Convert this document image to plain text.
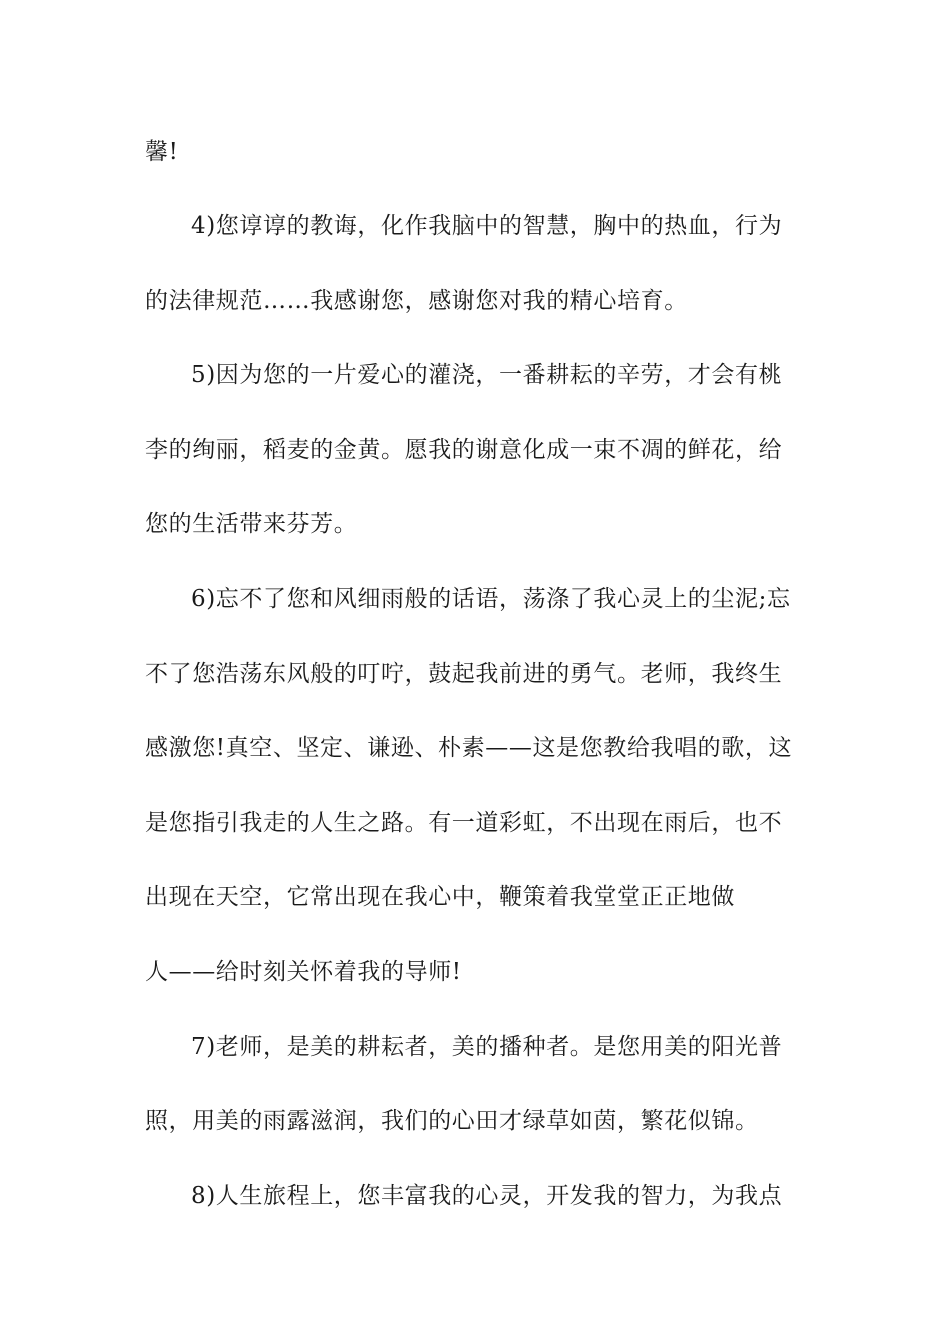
馨!
4)您谆谆的教诲，化作我脑中的智慧，胸中的热血，行为
的法律规范……我感谢您，感谢您对我的精心培育。
5)因为您的一片爱心的灌浇，一番耕耘的辛劳，才会有桃
李的绚丽，稻麦的金黄。愿我的谢意化成一束不凋的鲜花，给
您的生活带来芬芳。
6)忘不了您和风细雨般的话语，荡涤了我心灵上的尘泥;忘
不了您浩荡东风般的叮咛，鼓起我前进的勇气。老师，我终生
感激您!真空、坚定、谦逊、朴素——这是您教给我唱的歌，这
是您指引我走的人生之路。有一道彩虹，不出现在雨后，也不
出现在天空，它常出现在我心中，鞭策着我堂堂正正地做
人——给时刻关怀着我的导师!
7)老师，是美的耕耘者，美的播种者。是您用美的阳光普
照，用美的雨露滋润，我们的心田才绿草如茵，繁花似锦。
8)人生旅程上，您丰富我的心灵，开发我的智力，为我点
